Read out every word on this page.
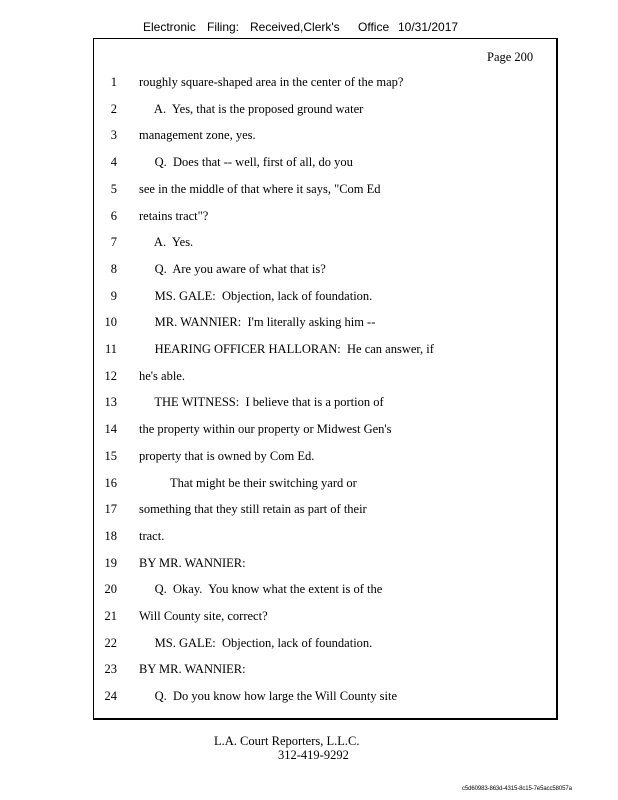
Electronic Filing: Received,Clerk's Office 10/31/2017
Page 200
1 roughly square-shaped area in the center of the map?
2 A.  Yes, that is the proposed ground water
3 management zone, yes.
4 Q.  Does that -- well, first of all, do you
5 see in the middle of that where it says, "Com Ed
6 retains tract"?
7 A.  Yes.
8 Q.  Are you aware of what that is?
9 MS. GALE:  Objection, lack of foundation.
10 MR. WANNIER:  I'm literally asking him --
11 HEARING OFFICER HALLORAN:  He can answer, if
12 he's able.
13 THE WITNESS:  I believe that is a portion of
14 the property within our property or Midwest Gen's
15 property that is owned by Com Ed.
16 That might be their switching yard or
17 something that they still retain as part of their
18 tract.
19 BY MR. WANNIER:
20 Q.  Okay.  You know what the extent is of the
21 Will County site, correct?
22 MS. GALE:  Objection, lack of foundation.
23 BY MR. WANNIER:
24 Q.  Do you know how large the Will County site
L.A. Court Reporters, L.L.C.
312-419-9292
c5d60983-863d-4315-8c15-7e5acc58057a
